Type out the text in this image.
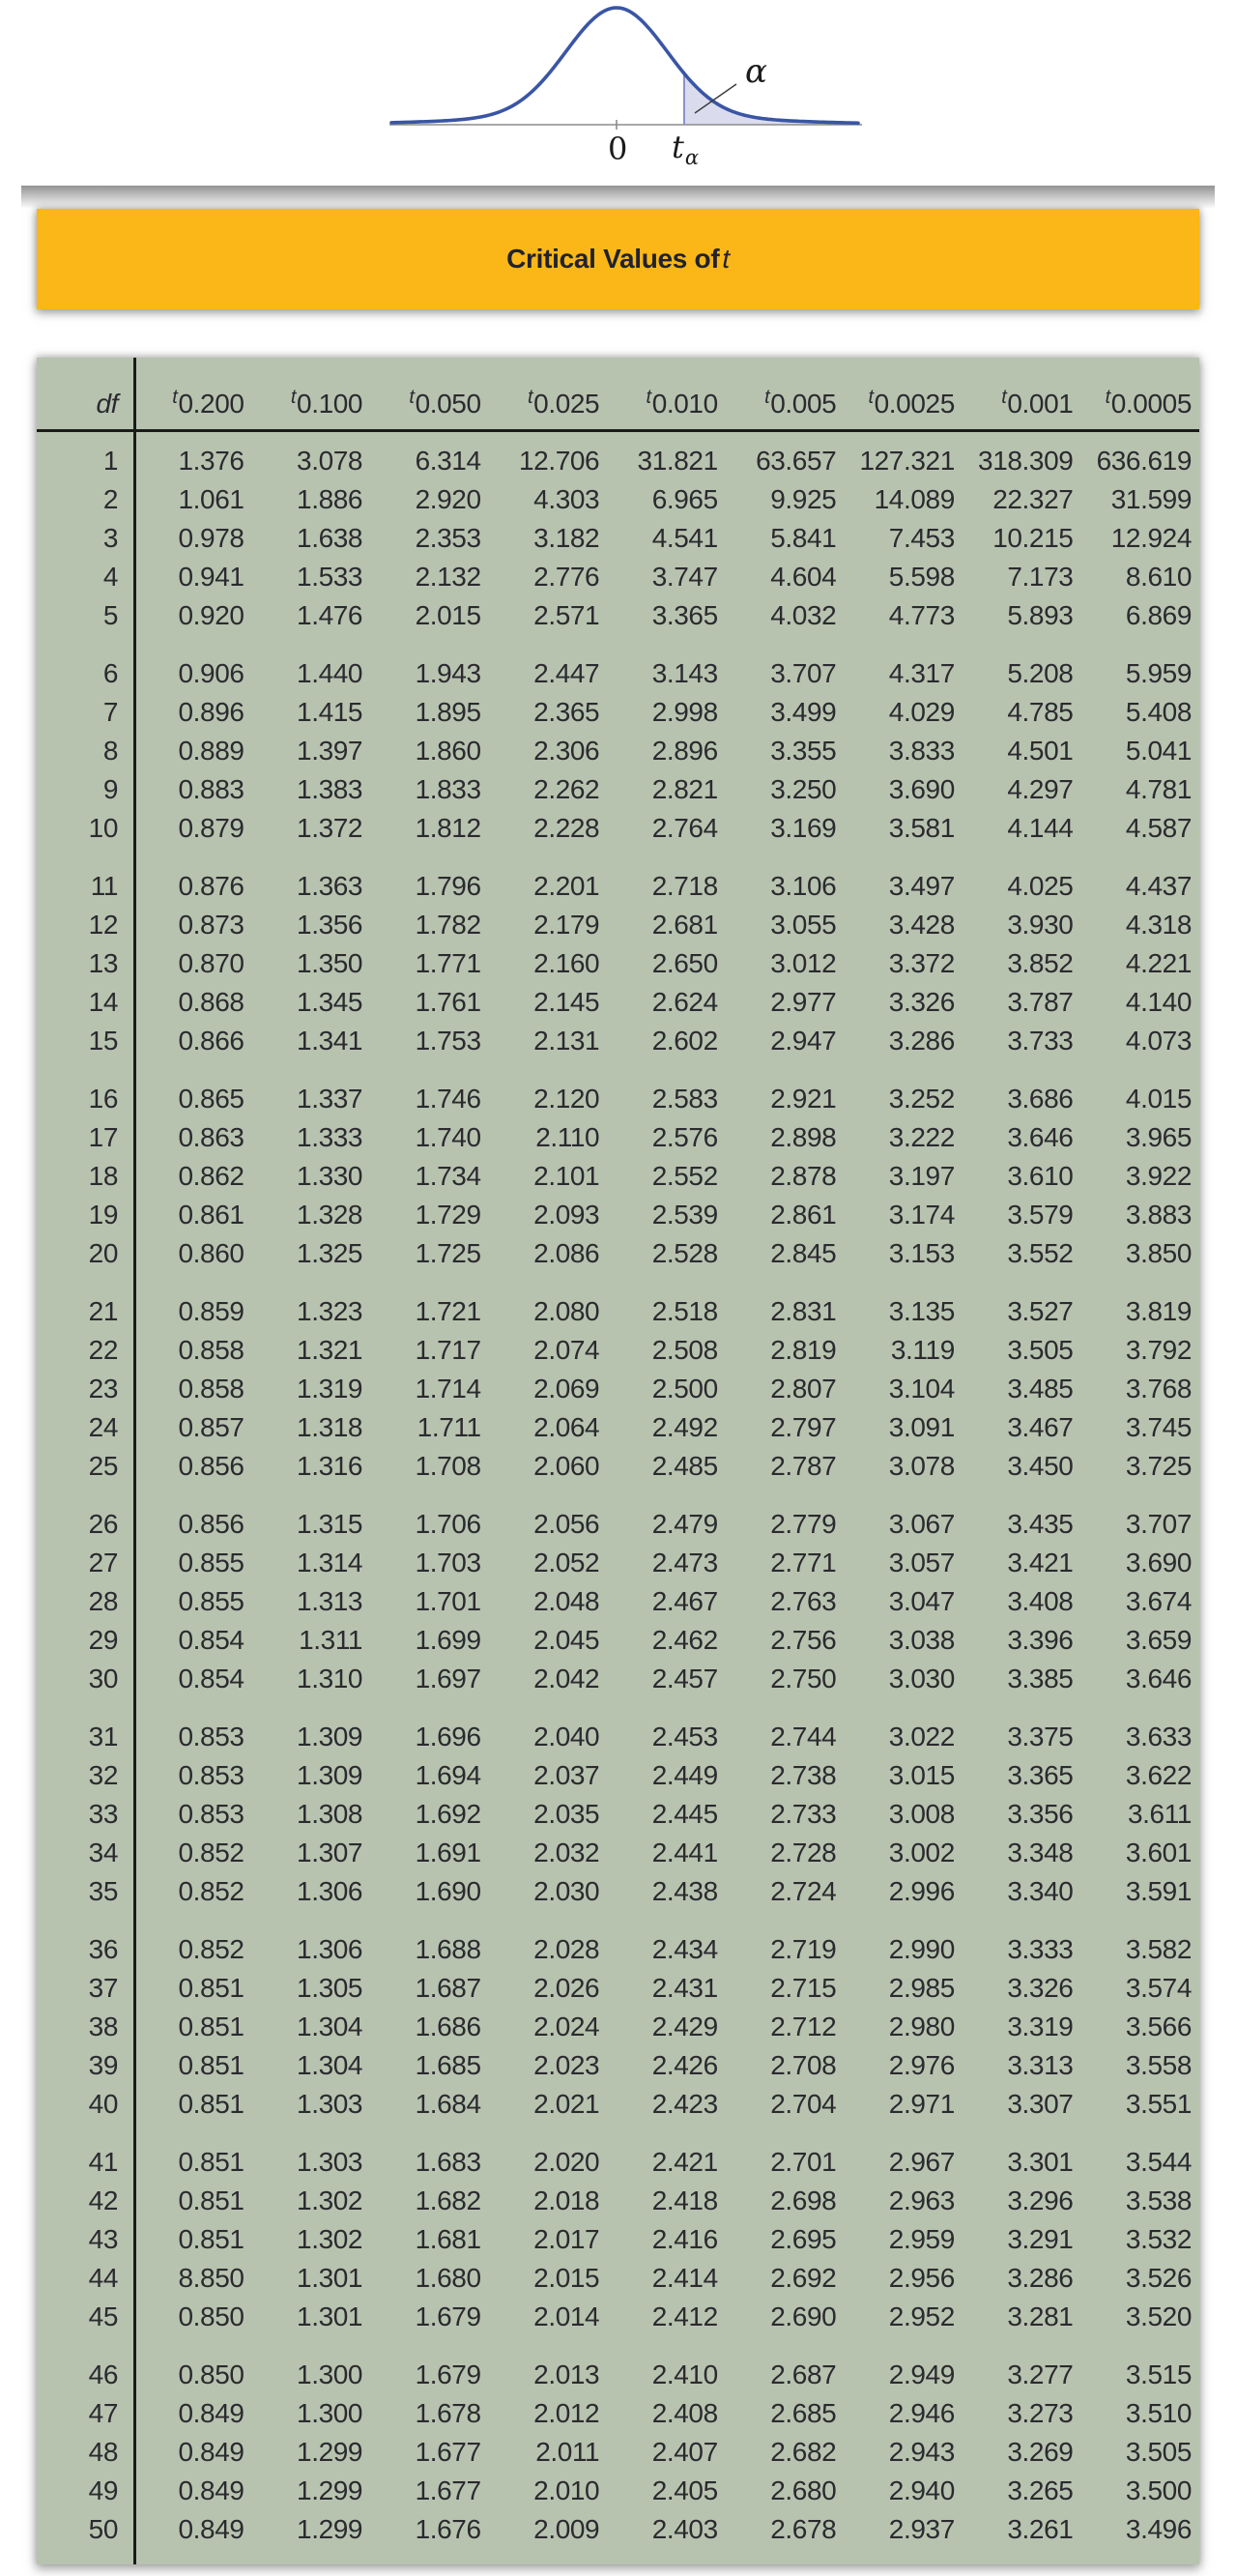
α
0 $t_\alpha$
Critical Values of t
df	t 0.200 t 0.100 t 0.050 t 0.025 t 0.010 t 0.005 t 0.0025 t 0.001 t 0.0005
1	1.376	3.078	6.314	12.706	31.821	63.657 127.321 318.309 636.619
2	1.061	1.886	2.920	4.303	6.965	9.925	14.089	22.327	31.599
3	0.978	1.638	2.353	3.182	4.541	5.841	7.453	10.215	12.924
4	0.941	1.533	2.132	2.776	3.747	4.604	5.598	7.173	8.610
5	0.920	1.476	2.015	2.571	3.365	4.032	4.773	5.893	6.869
6	0.906	1.440	1.943	2.447	3.143	3.707	4.317	5.208	5.959
7	0.896	1.415	1.895	2.365	2.998	3.499	4.029	4.785	5.408
8	0.889	1.397	1.860	2.306	2.896	3.355	3.833	4.501	5.041
9	0.883	1.383	1.833	2.262	2.821	3.250	3.690	4.297	4.781
10	0.879	1.372	1.812	2.228	2.764	3.169	3.581	4.144	4.587
11	0.876	1.363	1.796	2.201	2.718	3.106	3.497	4.025	4.437
12	0.873	1.356	1.782	2.179	2.681	3.055	3.428	3.930	4.318
13	0.870	1.350	1.771	2.160	2.650	3.012	3.372	3.852	4.221
14	0.868	1.345	1.761	2.145	2.624	2.977	3.326	3.787	4.140
15	0.866	1.341	1.753	2.131	2.602	2.947	3.286	3.733	4.073
16	0.865	1.337	1.746	2.120	2.583	2.921	3.252	3.686	4.015
17	0.863	1.333	1.740	2.110	2.576	2.898	3.222	3.646	3.965
18	0.862	1.330	1.734	2.101	2.552	2.878	3.197	3.610	3.922
19	0.861	1.328	1.729	2.093	2.539	2.861	3.174	3.579	3.883
20	0.860	1.325	1.725	2.086	2.528	2.845	3.153	3.552	3.850
21	0.859	1.323	1.721	2.080	2.518	2.831	3.135	3.527	3.819
22	0.858	1.321	1.717	2.074	2.508	2.819	3.119	3.505	3.792
23	0.858	1.319	1.714	2.069	2.500	2.807	3.104	3.485	3.768
24	0.857	1.318	1.711	2.064	2.492	2.797	3.091	3.467	3.745
25	0.856	1.316	1.708	2.060	2.485	2.787	3.078	3.450	3.725
26	0.856	1.315	1.706	2.056	2.479	2.779	3.067	3.435	3.707
27	0.855	1.314	1.703	2.052	2.473	2.771	3.057	3.421	3.690
28	0.855	1.313	1.701	2.048	2.467	2.763	3.047	3.408	3.674
29	0.854	1.311	1.699	2.045	2.462	2.756	3.038	3.396	3.659
30	0.854	1.310	1.697	2.042	2.457	2.750	3.030	3.385	3.646
31	0.853	1.309	1.696	2.040	2.453	2.744	3.022	3.375	3.633
32	0.853	1.309	1.694	2.037	2.449	2.738	3.015	3.365	3.622
33	0.853	1.308	1.692	2.035	2.445	2.733	3.008	3.356	3.611
34	0.852	1.307	1.691	2.032	2.441	2.728	3.002	3.348	3.601
35	0.852	1.306	1.690	2.030	2.438	2.724	2.996	3.340	3.591
36	0.852	1.306	1.688	2.028	2.434	2.719	2.990	3.333	3.582
37	0.851	1.305	1.687	2.026	2.431	2.715	2.985	3.326	3.574
38	0.851	1.304	1.686	2.024	2.429	2.712	2.980	3.319	3.566
39	0.851	1.304	1.685	2.023	2.426	2.708	2.976	3.313	3.558
40	0.851	1.303	1.684	2.021	2.423	2.704	2.971	3.307	3.551
41	0.851	1.303	1.683	2.020	2.421	2.701	2.967	3.301	3.544
42	0.851	1.302	1.682	2.018	2.418	2.698	2.963	3.296	3.538
43	0.851	1.302	1.681	2.017	2.416	2.695	2.959	3.291	3.532
44	8.850	1.301	1.680	2.015	2.414	2.692	2.956	3.286	3.526
45	0.850	1.301	1.679	2.014	2.412	2.690	2.952	3.281	3.520
46	0.850	1.300	1.679	2.013	2.410	2.687	2.949	3.277	3.515
47	0.849	1.300	1.678	2.012	2.408	2.685	2.946	3.273	3.510
48	0.849	1.299	1.677	2.011	2.407	2.682	2.943	3.269	3.505
49	0.849	1.299	1.677	2.010	2.405	2.680	2.940	3.265	3.500
50	0.849	1.299	1.676	2.009	2.403	2.678	2.937	3.261	3.496
